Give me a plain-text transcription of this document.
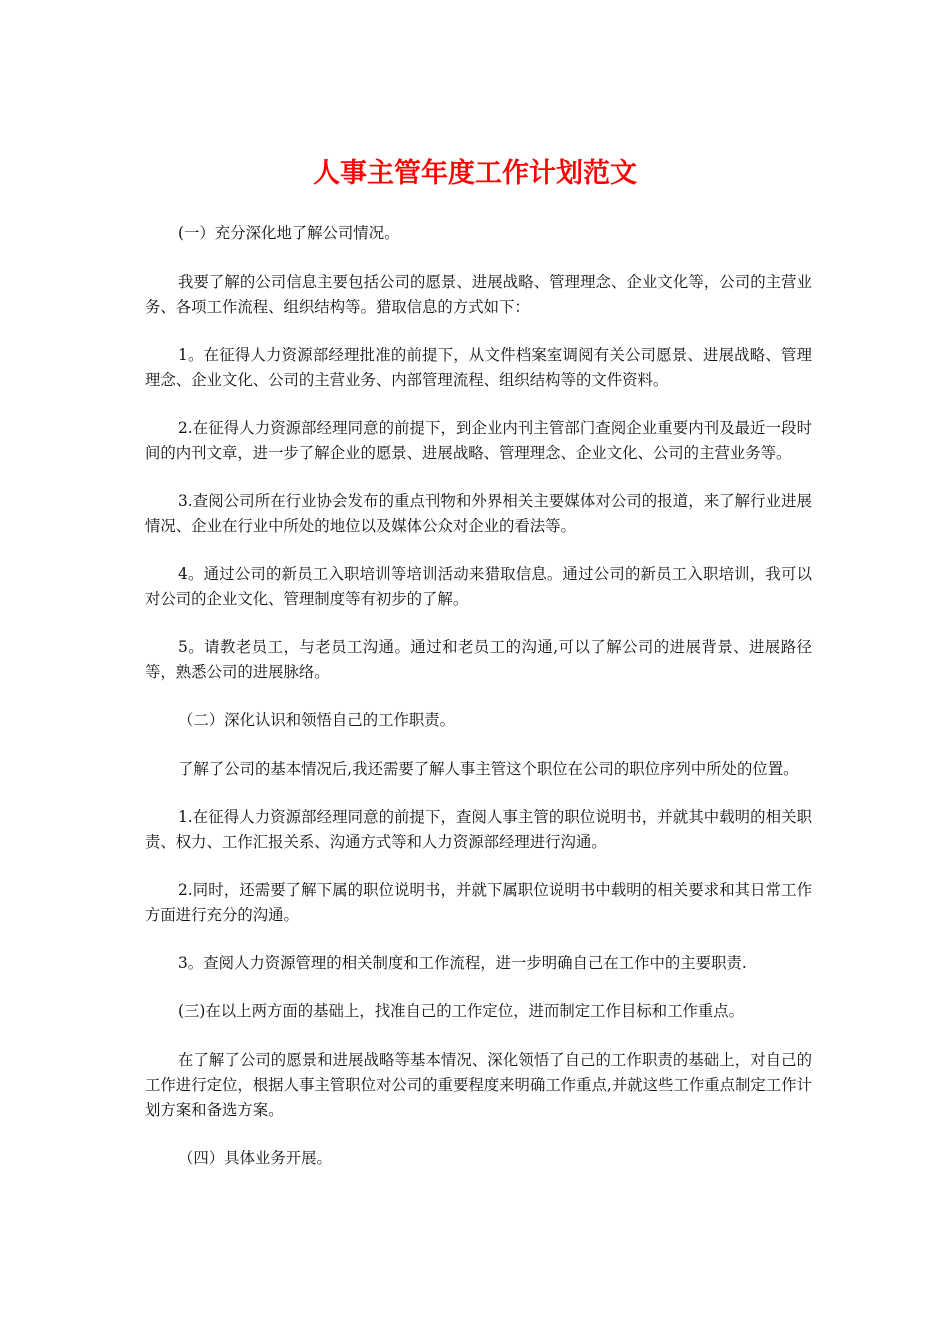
人事主管年度工作计划范文

(一）充分深化地了解公司情况。

我要了解的公司信息主要包括公司的愿景、进展战略、管理理念、企业文化等，公司的主营业务、各项工作流程、组织结构等。猎取信息的方式如下：

1。在征得人力资源部经理批准的前提下，从文件档案室调阅有关公司愿景、进展战略、管理理念、企业文化、公司的主营业务、内部管理流程、组织结构等的文件资料。

2.在征得人力资源部经理同意的前提下，到企业内刊主管部门查阅企业重要内刊及最近一段时间的内刊文章，进一步了解企业的愿景、进展战略、管理理念、企业文化、公司的主营业务等。

3.查阅公司所在行业协会发布的重点刊物和外界相关主要媒体对公司的报道，来了解行业进展情况、企业在行业中所处的地位以及媒体公众对企业的看法等。

4。通过公司的新员工入职培训等培训活动来猎取信息。通过公司的新员工入职培训，我可以对公司的企业文化、管理制度等有初步的了解。

5。请教老员工，与老员工沟通。通过和老员工的沟通,可以了解公司的进展背景、进展路径等，熟悉公司的进展脉络。

（二）深化认识和领悟自己的工作职责。

了解了公司的基本情况后,我还需要了解人事主管这个职位在公司的职位序列中所处的位置。

1.在征得人力资源部经理同意的前提下，查阅人事主管的职位说明书，并就其中载明的相关职责、权力、工作汇报关系、沟通方式等和人力资源部经理进行沟通。

2.同时，还需要了解下属的职位说明书，并就下属职位说明书中载明的相关要求和其日常工作方面进行充分的沟通。

3。查阅人力资源管理的相关制度和工作流程，进一步明确自己在工作中的主要职责.

(三)在以上两方面的基础上，找准自己的工作定位，进而制定工作目标和工作重点。

在了解了公司的愿景和进展战略等基本情况、深化领悟了自己的工作职责的基础上，对自己的工作进行定位，根据人事主管职位对公司的重要程度来明确工作重点,并就这些工作重点制定工作计划方案和备选方案。

（四）具体业务开展。
